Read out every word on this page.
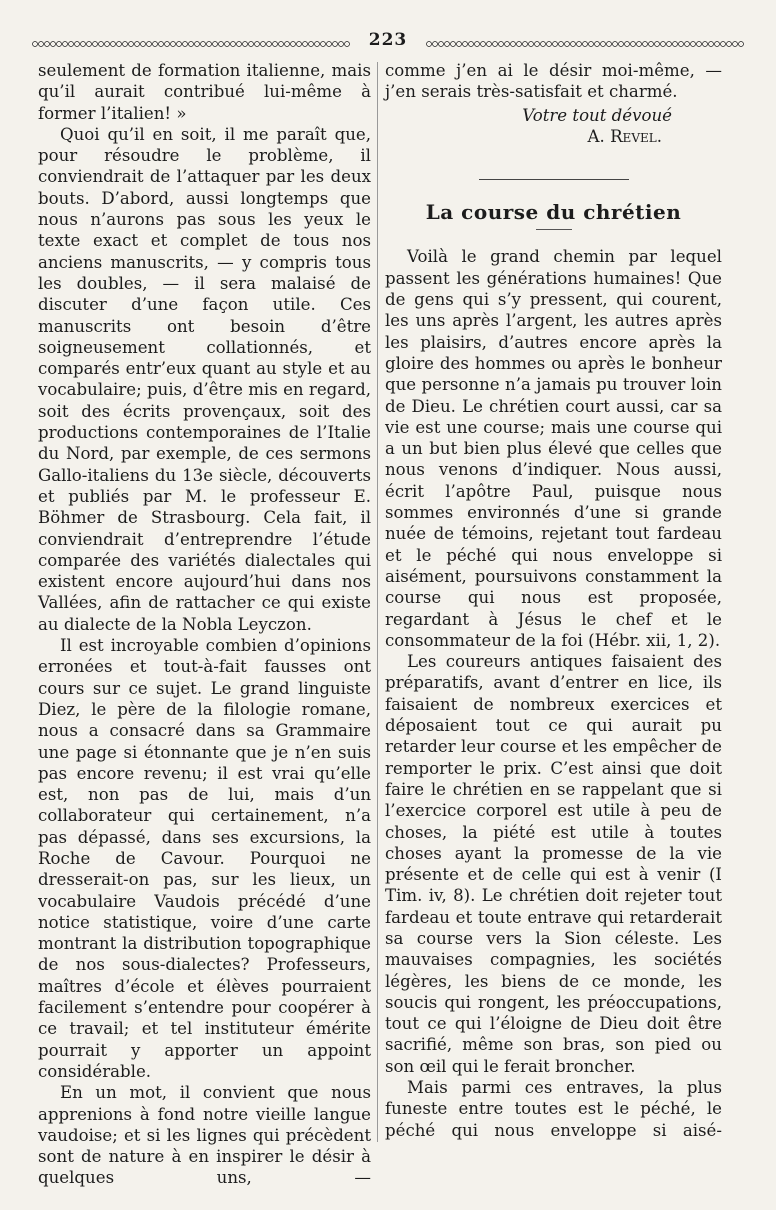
223

seulement de formation italienne, mais qu’il aurait contribué lui-même à former l’italien! »

Quoi qu’il en soit, il me paraît que, pour résoudre le problème, il conviendrait de l’attaquer par les deux bouts. D’abord, aussi longtemps que nous n’aurons pas sous les yeux le texte exact et complet de tous nos anciens manuscrits, — y compris tous les doubles, — il sera malaisé de discuter d’une façon utile. Ces manuscrits ont besoin d’être soigneusement collationnés, et comparés entr’eux quant au style et au vocabulaire; puis, d’être mis en regard, soit des écrits provençaux, soit des productions contemporaines de l’Italie du Nord, par exemple, de ces sermons Gallo-italiens du 13e siècle, découverts et publiés par M. le professeur E. Böhmer de Strasbourg. Cela fait, il conviendrait d’entreprendre l’étude comparée des variétés dialectales qui existent encore aujourd’hui dans nos Vallées, afin de rattacher ce qui existe au dialecte de la Nobla Leyczon.

Il est incroyable combien d’opinions erronées et tout-à-fait fausses ont cours sur ce sujet. Le grand linguiste Diez, le père de la filologie romane, nous a consacré dans sa Grammaire une page si étonnante que je n’en suis pas encore revenu; il est vrai qu’elle est, non pas de lui, mais d’un collaborateur qui certainement, n’a pas dépassé, dans ses excursions, la Roche de Cavour. Pourquoi ne dresserait-on pas, sur les lieux, un vocabulaire Vaudois précédé d’une notice statistique, voire d’une carte montrant la distribution topographique de nos sous-dialectes? Professeurs, maîtres d’école et élèves pourraient facilement s’entendre pour coopérer à ce travail; et tel instituteur émérite pourrait y apporter un appoint considérable.

En un mot, il convient que nous apprenions à fond notre vieille langue vaudoise; et si les lignes qui précèdent sont de nature à en inspirer le désir à quelques uns, —

comme j’en ai le désir moi-même, — j’en serais très-satisfait et charmé.

Votre tout dévoué
A. Revel.
La course du chrétien

Voilà le grand chemin par lequel passent les générations humaines! Que de gens qui s’y pressent, qui courent, les uns après l’argent, les autres après les plaisirs, d’autres encore après la gloire des hommes ou après le bonheur que personne n’a jamais pu trouver loin de Dieu. Le chrétien court aussi, car sa vie est une course; mais une course qui a un but bien plus élevé que celles que nous venons d’indiquer. Nous aussi, écrit l’apôtre Paul, puisque nous sommes environnés d’une si grande nuée de témoins, rejetant tout fardeau et le péché qui nous enveloppe si aisément, poursuivons constamment la course qui nous est proposée, regardant à Jésus le chef et le consommateur de la foi (Hébr. xii, 1, 2).

Les coureurs antiques faisaient des préparatifs, avant d’entrer en lice, ils faisaient de nombreux exercices et déposaient tout ce qui aurait pu retarder leur course et les empêcher de remporter le prix. C’est ainsi que doit faire le chrétien en se rappelant que si l’exercice corporel est utile à peu de choses, la piété est utile à toutes choses ayant la promesse de la vie présente et de celle qui est à venir (I Tim. iv, 8). Le chrétien doit rejeter tout fardeau et toute entrave qui retarderait sa course vers la Sion céleste. Les mauvaises compagnies, les sociétés légères, les biens de ce monde, les soucis qui rongent, les préoccupations, tout ce qui l’éloigne de Dieu doit être sacrifié, même son bras, son pied ou son œil qui le ferait broncher.

Mais parmi ces entraves, la plus funeste entre toutes est le péché, le péché qui nous enveloppe si aisé-
